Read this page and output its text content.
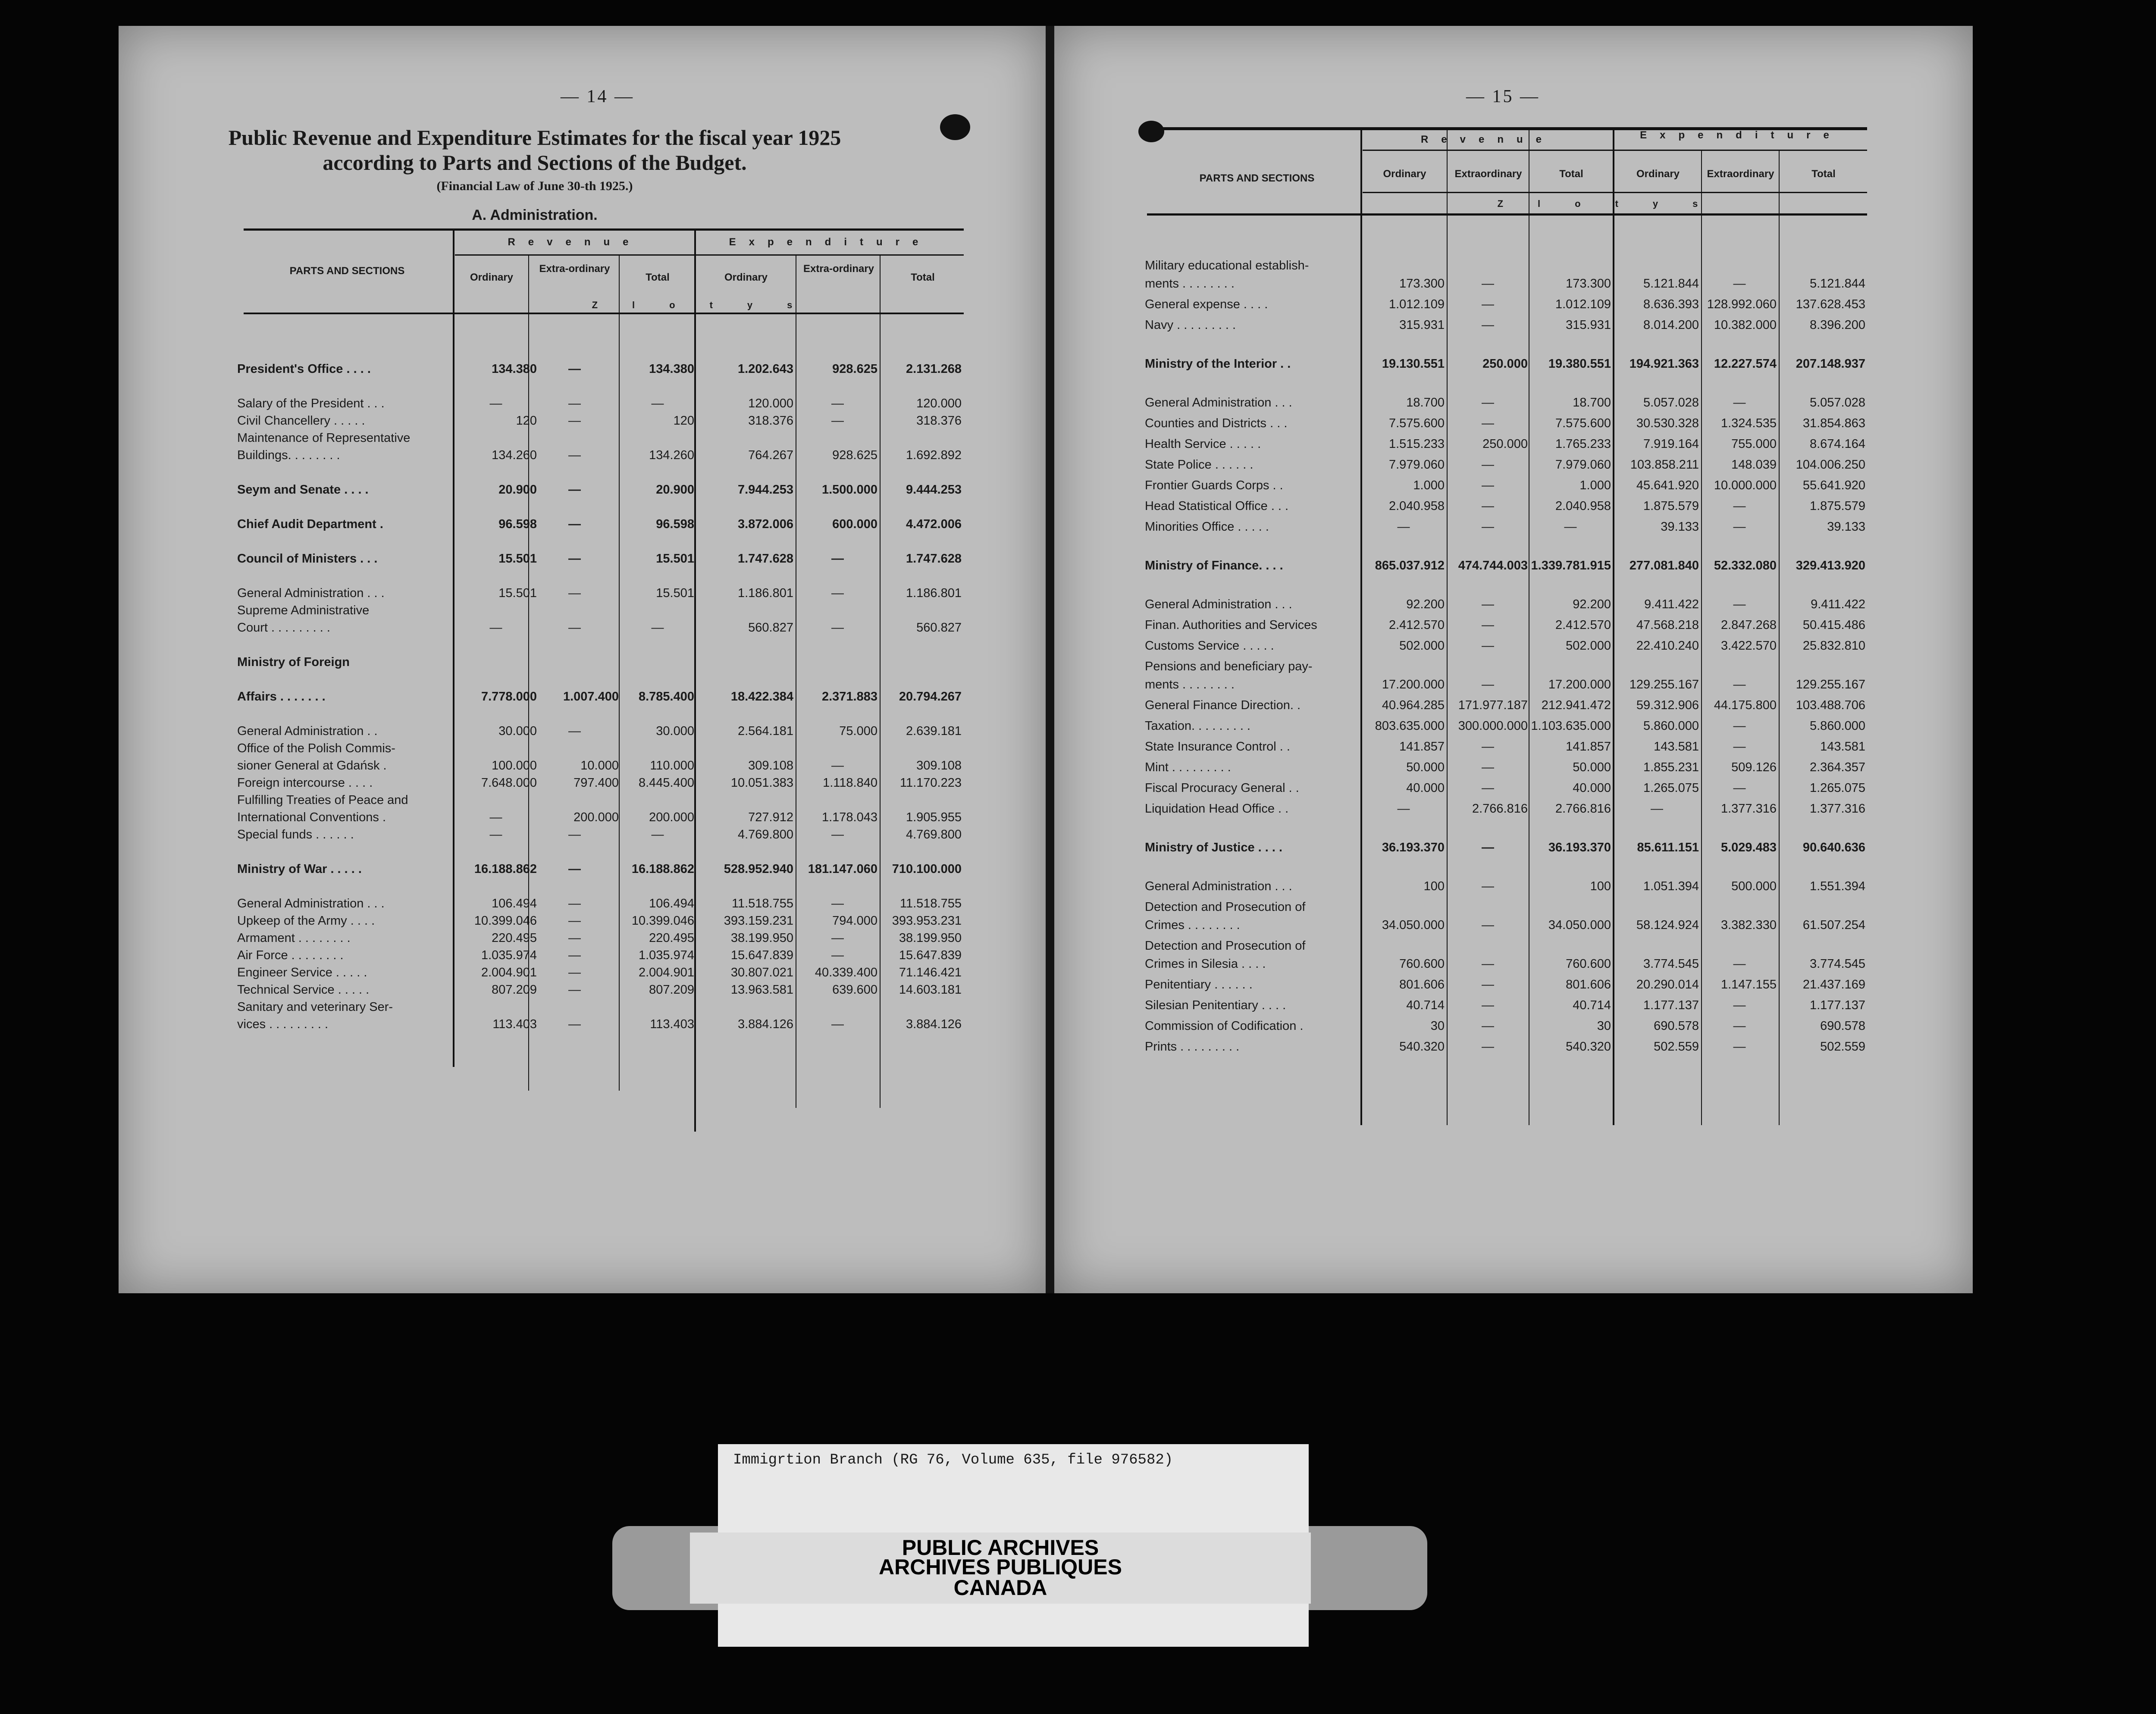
— 14 —
Public Revenue and Expenditure Estimates for the fiscal year 1925
according to Parts and Sections of the Budget.
(Financial Law of June 30-th 1925.)
A. Administration.
PARTS AND SECTIONS
Revenue	Expenditure
Ordinary
Extra-ordinary
Total	Ordinary
Extra-ordinary
Total
Zlotys
President's Office . . . .	134.380	—	134.380	1.202.643	928.625	2.131.268
Salary of the President . . .	—	—	—	120.000	—	120.000
Civil Chancellery . . . . .	120	—	120	318.376	—	318.376
Maintenance of Representative
Buildings. . . . . . . .	134.260	—	134.260	764.267	928.625	1.692.892
Seym and Senate . . . .	20.900	—	20.900	7.944.253	1.500.000	9.444.253
Chief Audit Department .	96.598	—	96.598	3.872.006	600.000	4.472.006
Council of Ministers . . .	15.501	—	15.501	1.747.628	—	1.747.628
General Administration . . .	15.501	—	15.501	1.186.801	—	1.186.801
Supreme Administrative
Court . . . . . . . . .	—	—	—	560.827	—	560.827
Ministry of Foreign
Affairs . . . . . . .	7.778.000	1.007.400	8.785.400	18.422.384	2.371.883	20.794.267
General Administration . .	30.000	—	30.000	2.564.181	75.000	2.639.181
Office of the Polish Commis-
sioner General at Gdańsk .	100.000	10.000	110.000	309.108	—	309.108
Foreign intercourse . . . .	7.648.000	797.400	8.445.400	10.051.383	1.118.840	11.170.223
Fulfilling Treaties of Peace and
International Conventions .	—	200.000	200.000	727.912	1.178.043	1.905.955
Special funds . . . . . .	—	—	—	4.769.800	—	4.769.800
Ministry of War . . . . .	16.188.862	—	16.188.862	528.952.940	181.147.060	710.100.000
General Administration . . .	106.494	—	106.494	11.518.755	—	11.518.755
Upkeep of the Army . . . .	10.399.046	—	10.399.046	393.159.231	794.000	393.953.231
Armament . . . . . . . .	220.495	—	220.495	38.199.950	—	38.199.950
Air Force . . . . . . . .	1.035.974	—	1.035.974	15.647.839	—	15.647.839
Engineer Service . . . . .	2.004.901	—	2.004.901	30.807.021	40.339.400	71.146.421
Technical Service . . . . .	807.209	—	807.209	13.963.581	639.600	14.603.181
Sanitary and veterinary Ser-
vices . . . . . . . . .	113.403	—	113.403	3.884.126	—	3.884.126
— 15 —
PARTS AND SECTIONS
Revenue	Expenditure
Ordinary	Extraordinary	Total	Ordinary	Extraordinary	Total
Zlotys
Military educational establish-
ments . . . . . . . .	173.300	—	173.300	5.121.844	—	5.121.844
General expense . . . .	1.012.109	—	1.012.109	8.636.393 128.992.060	137.628.453
Navy . . . . . . . . .	315.931	—	315.931	8.014.200	10.382.000	8.396.200
Ministry of the Interior . .	19.130.551	250.000	19.380.551	194.921.363	12.227.574	207.148.937
General Administration . . .	18.700	—	18.700	5.057.028	—	5.057.028
Counties and Districts . . .	7.575.600	—	7.575.600	30.530.328	1.324.535	31.854.863
Health Service . . . . .	1.515.233	250.000	1.765.233	7.919.164	755.000	8.674.164
State Police . . . . . .	7.979.060	—	7.979.060	103.858.211	148.039	104.006.250
Frontier Guards Corps . .	1.000	—	1.000	45.641.920	10.000.000	55.641.920
Head Statistical Office . . .	2.040.958	—	2.040.958	1.875.579	—	1.875.579
Minorities Office . . . . .	—	—	—	39.133	—	39.133
Ministry of Finance. . . .	865.037.912	474.744.003 1.339.781.915	277.081.840	52.332.080	329.413.920
General Administration . . .	92.200	—	92.200	9.411.422	—	9.411.422
Finan. Authorities and Services	2.412.570	—	2.412.570	47.568.218	2.847.268	50.415.486
Customs Service . . . . .	502.000	—	502.000	22.410.240	3.422.570	25.832.810
Pensions and beneficiary pay-
ments . . . . . . . .	17.200.000	—	17.200.000	129.255.167	—	129.255.167
General Finance Direction. .	40.964.285	171.977.187	212.941.472	59.312.906	44.175.800	103.488.706
Taxation. . . . . . . . .	803.635.000	300.000.000 1.103.635.000	5.860.000	—	5.860.000
State Insurance Control . .	141.857	—	141.857	143.581	—	143.581
Mint . . . . . . . . .	50.000	—	50.000	1.855.231	509.126	2.364.357
Fiscal Procuracy General . .	40.000	—	40.000	1.265.075	—	1.265.075
Liquidation Head Office . .	—	2.766.816	2.766.816	—	1.377.316	1.377.316
Ministry of Justice . . . .	36.193.370	—	36.193.370	85.611.151	5.029.483	90.640.636
General Administration . . .	100	—	100	1.051.394	500.000	1.551.394
Detection and Prosecution of
Crimes . . . . . . . .	34.050.000	—	34.050.000	58.124.924	3.382.330	61.507.254
Detection and Prosecution of
Crimes in Silesia . . . .	760.600	—	760.600	3.774.545	—	3.774.545
Penitentiary . . . . . .	801.606	—	801.606	20.290.014	1.147.155	21.437.169
Silesian Penitentiary . . . .	40.714	—	40.714	1.177.137	—	1.177.137
Commission of Codification .	30	—	30	690.578	—	690.578
Prints . . . . . . . . .	540.320	—	540.320	502.559	—	502.559
Immigrtion Branch (RG 76, Volume 635, file 976582)
PUBLIC ARCHIVES
ARCHIVES PUBLIQUES
CANADA
